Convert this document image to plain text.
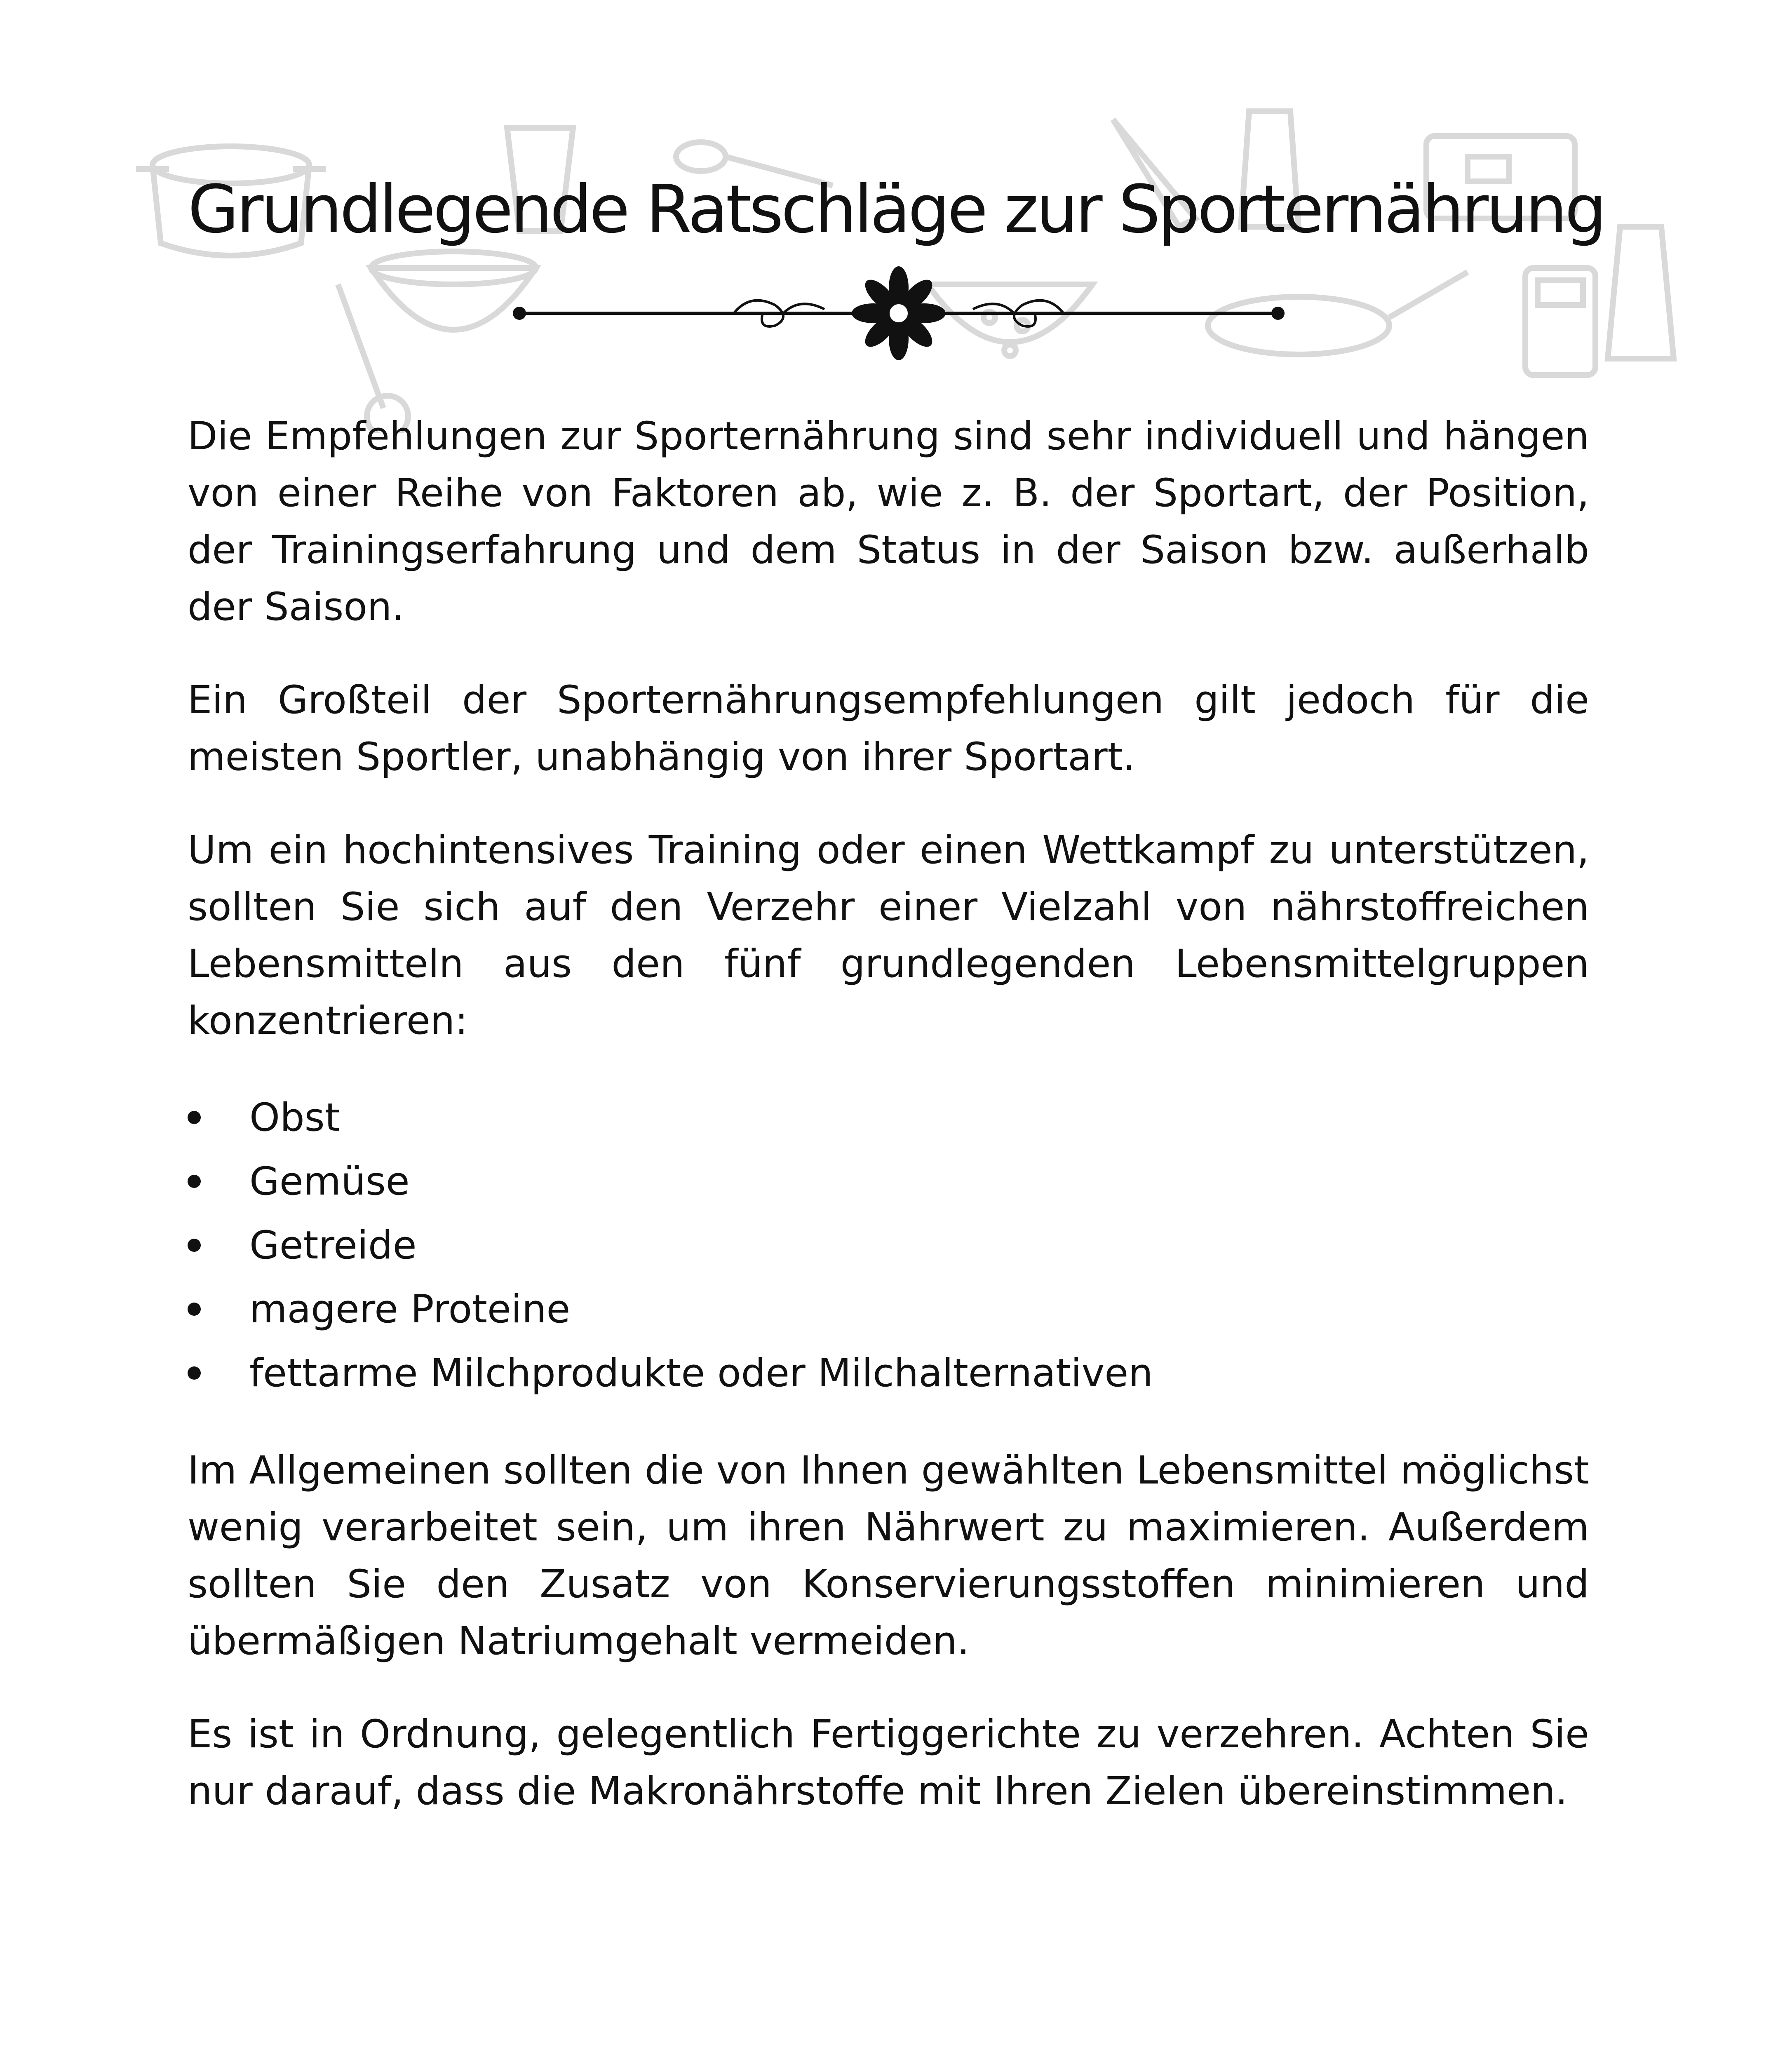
Grundlegende Ratschläge zur Sporternährung

Die Empfehlungen zur Sporternährung sind sehr individuell und hängen von einer Reihe von Faktoren ab, wie z. B. der Sportart, der Position, der Trainingserfahrung und dem Status in der Saison bzw. außerhalb der Saison.

Ein Großteil der Sporternährungsempfehlungen gilt jedoch für die meisten Sportler, unabhängig von ihrer Sportart.

Um ein hochintensives Training oder einen Wettkampf zu unterstützen, sollten Sie sich auf den Verzehr einer Vielzahl von nährstoffreichen Lebensmitteln aus den fünf grundlegenden Lebensmittelgruppen konzentrieren:

Obst
Gemüse
Getreide
magere Proteine
fettarme Milchprodukte oder Milchalternativen

Im Allgemeinen sollten die von Ihnen gewählten Lebensmittel möglichst wenig verarbeitet sein, um ihren Nährwert zu maximieren. Außerdem sollten Sie den Zusatz von Konservierungsstoffen minimieren und übermäßigen Natriumgehalt vermeiden.

Es ist in Ordnung, gelegentlich Fertiggerichte zu verzehren. Achten Sie nur darauf, dass die Makronährstoffe mit Ihren Zielen übereinstimmen.
